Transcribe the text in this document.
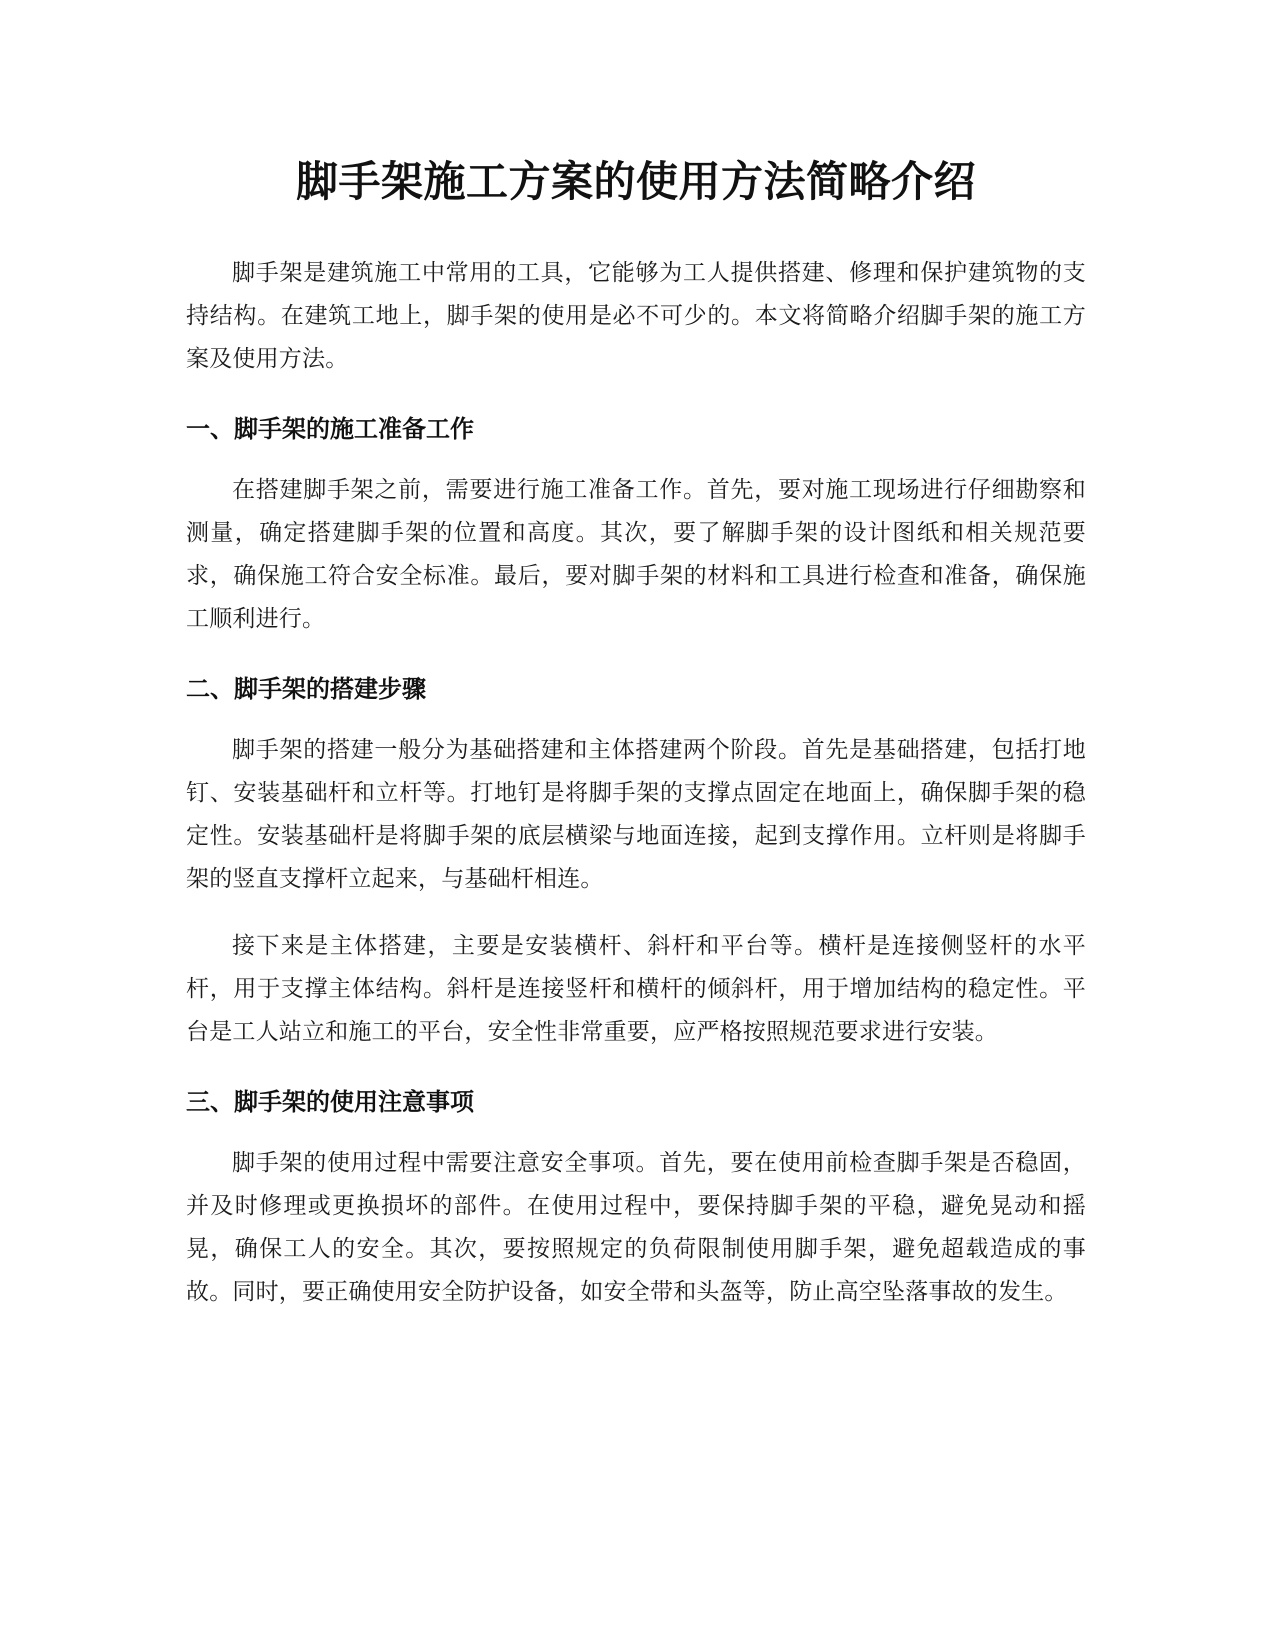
脚手架施工方案的使用方法简略介绍

脚手架是建筑施工中常用的工具，它能够为工人提供搭建、修理和保护建筑物的支持结构。在建筑工地上，脚手架的使用是必不可少的。本文将简略介绍脚手架的施工方案及使用方法。

一、脚手架的施工准备工作

在搭建脚手架之前，需要进行施工准备工作。首先，要对施工现场进行仔细勘察和测量，确定搭建脚手架的位置和高度。其次，要了解脚手架的设计图纸和相关规范要求，确保施工符合安全标准。最后，要对脚手架的材料和工具进行检查和准备，确保施工顺利进行。

二、脚手架的搭建步骤

脚手架的搭建一般分为基础搭建和主体搭建两个阶段。首先是基础搭建，包括打地钉、安装基础杆和立杆等。打地钉是将脚手架的支撑点固定在地面上，确保脚手架的稳定性。安装基础杆是将脚手架的底层横梁与地面连接，起到支撑作用。立杆则是将脚手架的竖直支撑杆立起来，与基础杆相连。

接下来是主体搭建，主要是安装横杆、斜杆和平台等。横杆是连接侧竖杆的水平杆，用于支撑主体结构。斜杆是连接竖杆和横杆的倾斜杆，用于增加结构的稳定性。平台是工人站立和施工的平台，安全性非常重要，应严格按照规范要求进行安装。

三、脚手架的使用注意事项

脚手架的使用过程中需要注意安全事项。首先，要在使用前检查脚手架是否稳固，并及时修理或更换损坏的部件。在使用过程中，要保持脚手架的平稳，避免晃动和摇晃，确保工人的安全。其次，要按照规定的负荷限制使用脚手架，避免超载造成的事故。同时，要正确使用安全防护设备，如安全带和头盔等，防止高空坠落事故的发生。
